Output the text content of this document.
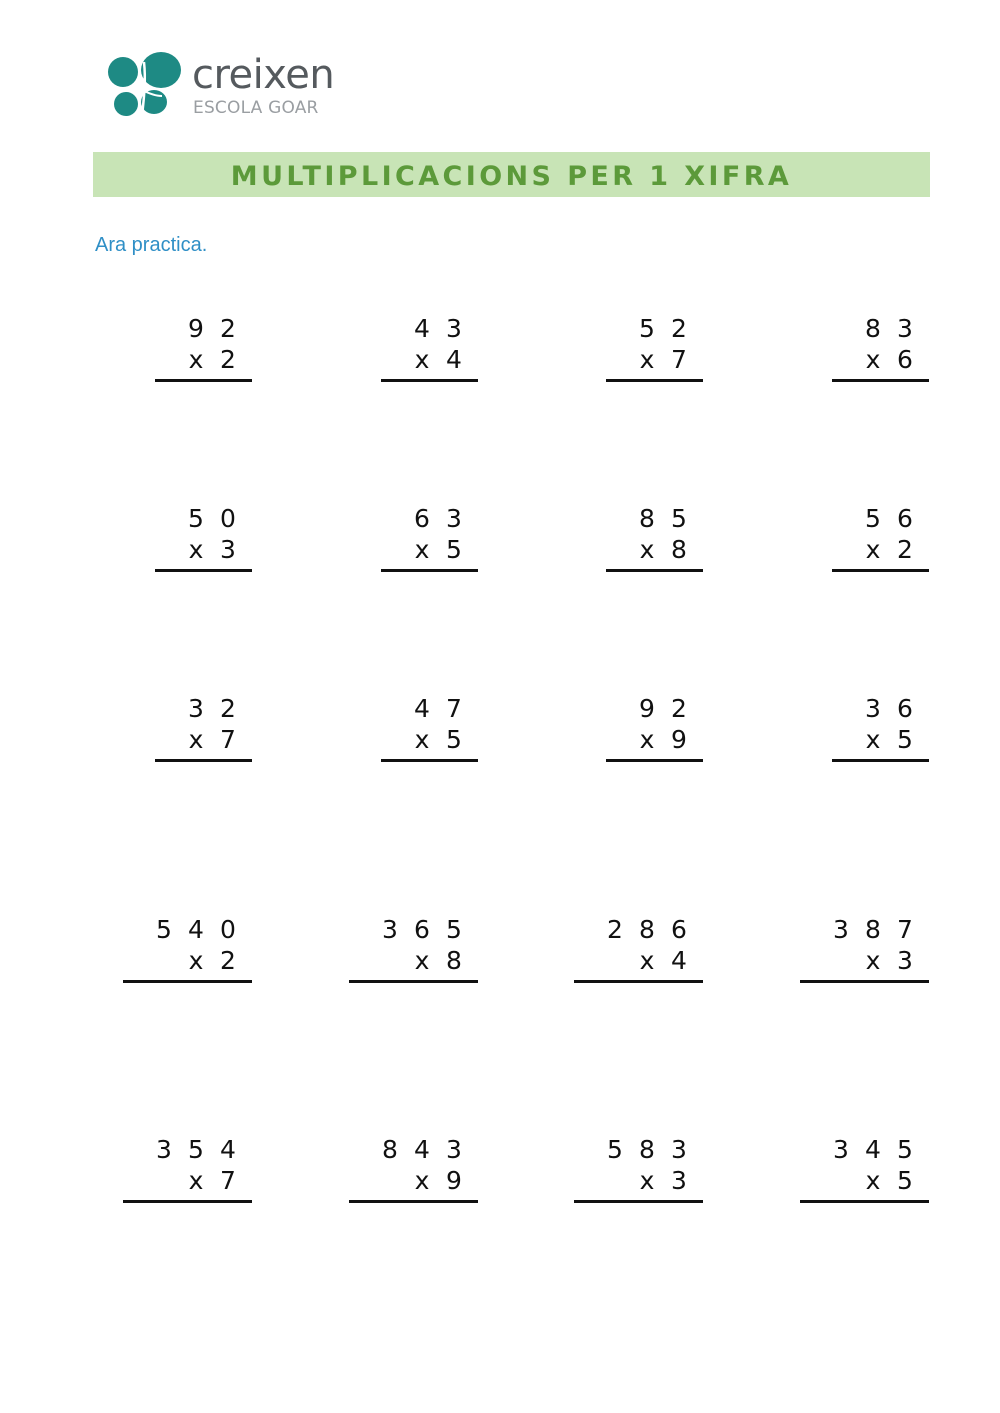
creixen
ESCOLA GOAR
MULTIPLICACIONS PER 1 XIFRA
Ara practica.
9 2
x 2
4 3
x 4
5 2
x 7
8 3
x 6
5 0
x 3
6 3
x 5
8 5
x 8
5 6
x 2
3 2
x 7
4 7
x 5
9 2
x 9
3 6
x 5
5 4 0
x 2
3 6 5
x 8
2 8 6
x 4
3 8 7
x 3
3 5 4
x 7
8 4 3
x 9
5 8 3
x 3
3 4 5
x 5
